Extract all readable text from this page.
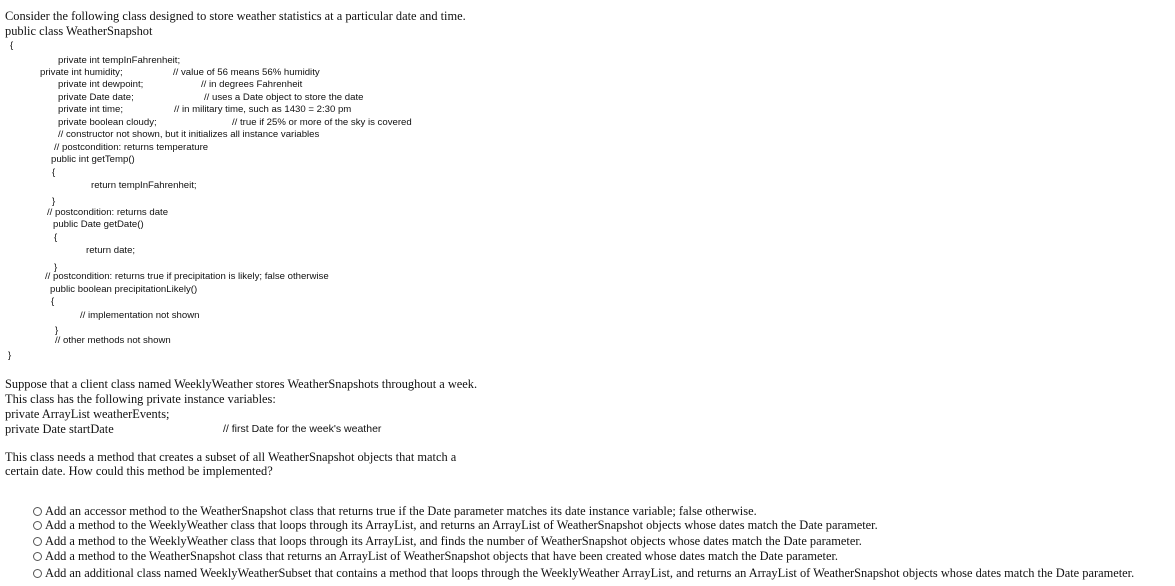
Consider the following class designed to store weather statistics at a particular date and time.
public class WeatherSnapshot
{
private int tempInFahrenheit;
private int humidity;	// value of 56 means 56% humidity
private int dewpoint;	// in degrees Fahrenheit
private Date date;	// uses a Date object to store the date
private int time;	// in military time, such as 1430 = 2:30 pm
private boolean cloudy;	// true if 25% or more of the sky is covered
// constructor not shown, but it initializes all instance variables
// postcondition: returns temperature
public int getTemp()
{
return tempInFahrenheit;
}
// postcondition: returns date
public Date getDate()
{
return date;
}
// postcondition: returns true if precipitation is likely; false otherwise
public boolean precipitationLikely()
{
// implementation not shown
}
// other methods not shown
}
Suppose that a client class named WeeklyWeather stores WeatherSnapshots throughout a week.
This class has the following private instance variables:
private ArrayList weatherEvents;
private Date startDate	// first Date for the week's weather
This class needs a method that creates a subset of all WeatherSnapshot objects that match a
certain date. How could this method be implemented?
Add an accessor method to the WeatherSnapshot class that returns true if the Date parameter matches its date instance variable; false otherwise.
Add a method to the WeeklyWeather class that loops through its ArrayList, and returns an ArrayList of WeatherSnapshot objects whose dates match the Date parameter.
Add a method to the WeeklyWeather class that loops through its ArrayList, and finds the number of WeatherSnapshot objects whose dates match the Date parameter.
Add a method to the WeatherSnapshot class that returns an ArrayList of WeatherSnapshot objects that have been created whose dates match the Date parameter.
Add an additional class named WeeklyWeatherSubset that contains a method that loops through the WeeklyWeather ArrayList, and returns an ArrayList of WeatherSnapshot objects whose dates match the Date parameter.
